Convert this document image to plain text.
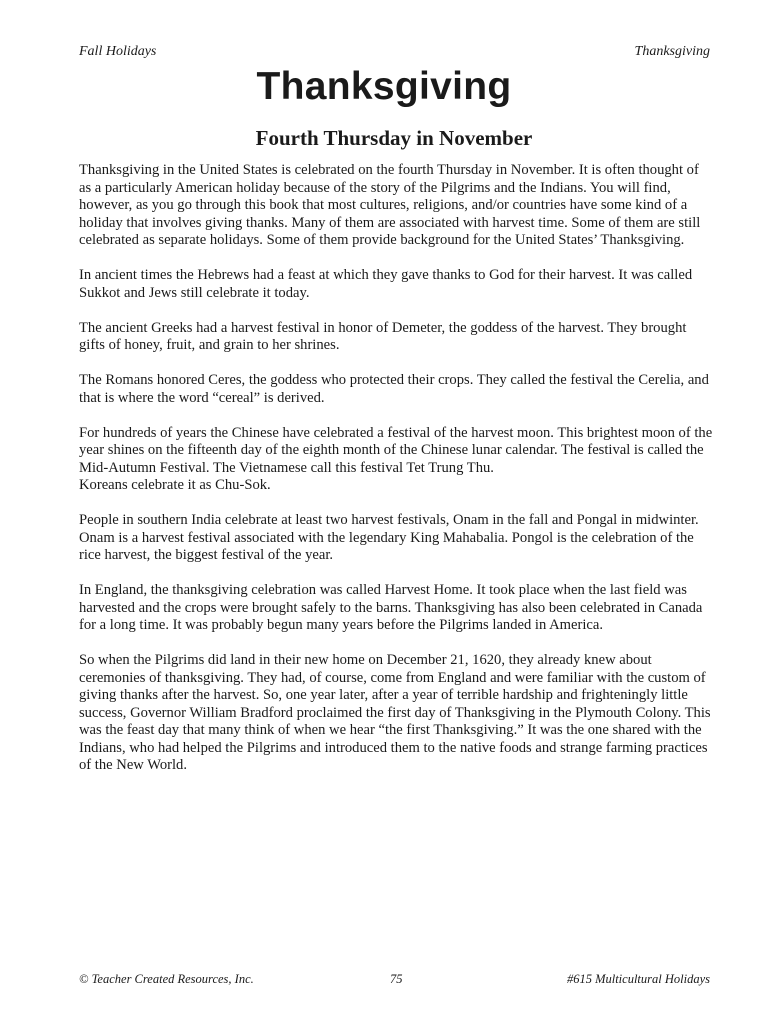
Fall Holidays	Thanksgiving
Thanksgiving
Fourth Thursday in November

Thanksgiving in the United States is celebrated on the fourth Thursday in November. It is often thought of as a particularly American holiday because of the story of the Pilgrims and the Indians. You will find, however, as you go through this book that most cultures, religions, and/or countries have some kind of a holiday that involves giving thanks. Many of them are associated with harvest time. Some of them are still celebrated as separate holidays. Some of them provide background for the United States’ Thanksgiving.

In ancient times the Hebrews had a feast at which they gave thanks to God for their harvest. It was called Sukkot and Jews still celebrate it today.

The ancient Greeks had a harvest festival in honor of Demeter, the goddess of the harvest. They brought gifts of honey, fruit, and grain to her shrines.

The Romans honored Ceres, the goddess who protected their crops. They called the festival the Cerelia, and that is where the word “cereal” is derived.

For hundreds of years the Chinese have celebrated a festival of the harvest moon. This brightest moon of the year shines on the fifteenth day of the eighth month of the Chinese lunar calendar. The festival is called the Mid-Autumn Festival. The Vietnamese call this festival Tet Trung Thu.
Koreans celebrate it as Chu-Sok.

People in southern India celebrate at least two harvest festivals, Onam in the fall and Pongal in midwinter. Onam is a harvest festival associated with the legendary King Mahabalia. Pongol is the celebration of the rice harvest, the biggest festival of the year.

In England, the thanksgiving celebration was called Harvest Home. It took place when the last field was harvested and the crops were brought safely to the barns. Thanksgiving has also been celebrated in Canada for a long time. It was probably begun many years before the Pilgrims landed in America.

So when the Pilgrims did land in their new home on December 21, 1620, they already knew about ceremonies of thanksgiving. They had, of course, come from England and were familiar with the custom of giving thanks after the harvest. So, one year later, after a year of terrible hardship and frighteningly little success, Governor William Bradford proclaimed the first day of Thanksgiving in the Plymouth Colony. This was the feast day that many think of when we hear “the first Thanksgiving.” It was the one shared with the Indians, who had helped the Pilgrims and introduced them to the native foods and strange farming practices of the New World.

© Teacher Created Resources, Inc.	75	#615 Multicultural Holidays
